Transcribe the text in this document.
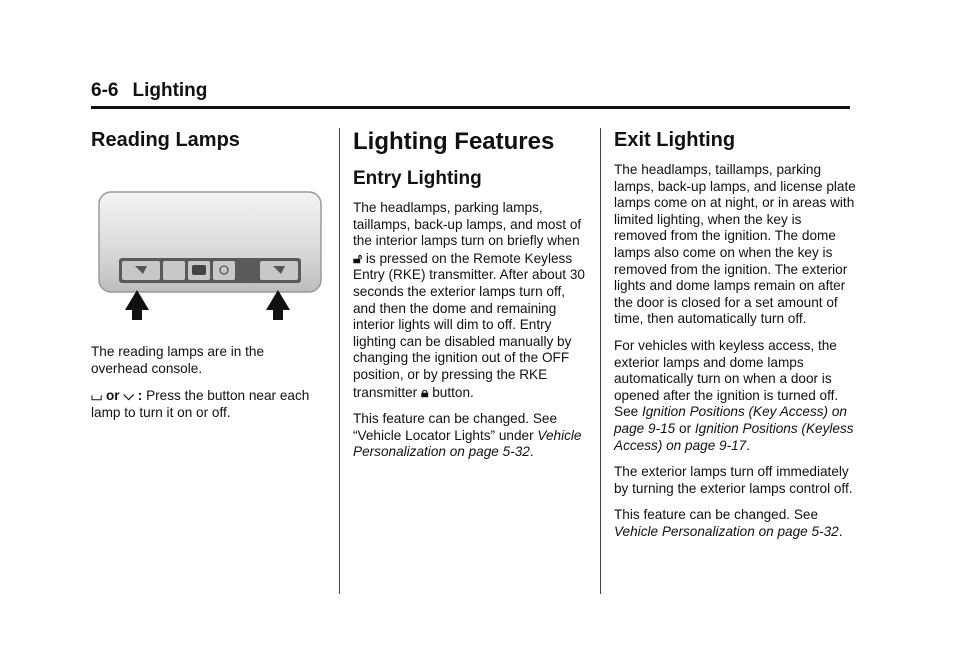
6-6 Lighting
Reading Lamps

The reading lamps are in the overhead console.

⌴ or ⌵ : Press the button near each lamp to turn it on or off.

Lighting Features
Entry Lighting

The headlamps, parking lamps, taillamps, back-up lamps, and most of the interior lamps turn on briefly when 🔓︎ is pressed on the Remote Keyless Entry (RKE) transmitter. After about 30 seconds the exterior lamps turn off, and then the dome and remaining interior lights will dim to off. Entry lighting can be disabled manually by changing the ignition out of the OFF position, or by pressing the RKE transmitter 🔒︎ button.

This feature can be changed. See “Vehicle Locator Lights” under Vehicle Personalization on page 5-32.

Exit Lighting

The headlamps, taillamps, parking lamps, back-up lamps, and license plate lamps come on at night, or in areas with limited lighting, when the key is removed from the ignition. The dome lamps also come on when the key is removed from the ignition. The exterior lights and dome lamps remain on after the door is closed for a set amount of time, then automatically turn off.

For vehicles with keyless access, the exterior lamps and dome lamps automatically turn on when a door is opened after the ignition is turned off. See Ignition Positions (Key Access) on page 9-15 or Ignition Positions (Keyless Access) on page 9-17.

The exterior lamps turn off immediately by turning the exterior lamps control off.

This feature can be changed. See Vehicle Personalization on page 5-32.
